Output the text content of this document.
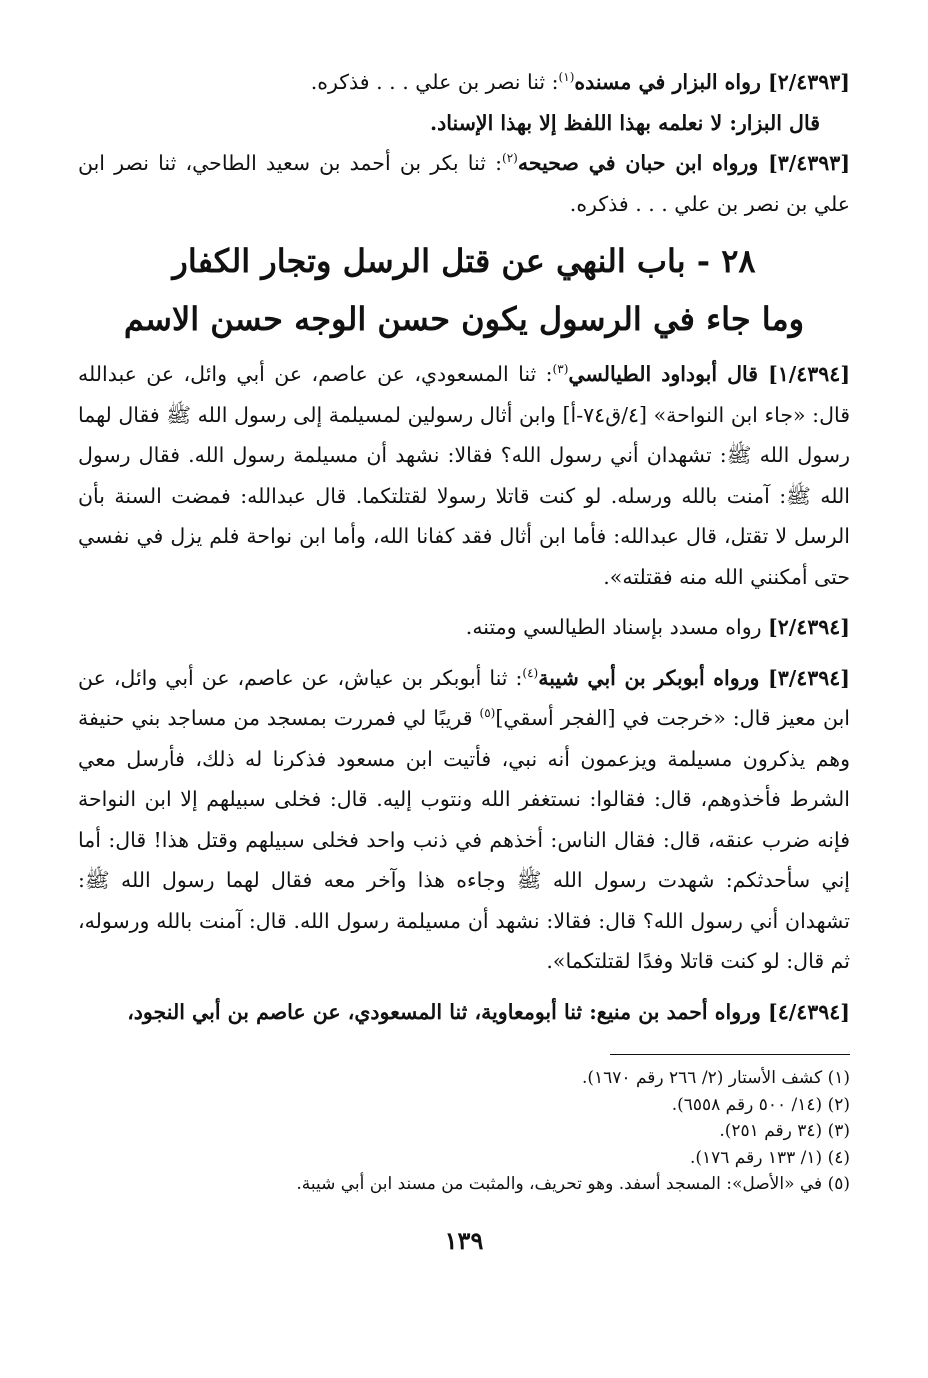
[٢/٤٣٩٣] رواه البزار في مسنده$^{(١)}$: ثنا نصر بن علي . . . فذكره.

قال البزار: لا نعلمه بهذا اللفظ إلا بهذا الإسناد.

[٣/٤٣٩٣] ورواه ابن حبان في صحيحه$^{(٢)}$: ثنا بكر بن أحمد بن سعيد الطاحي، ثنا نصر ابن علي بن نصر بن علي . . . فذكره.

٢٨ - باب النهي عن قتل الرسل وتجار الكفار
وما جاء في الرسول يكون حسن الوجه حسن الاسم

[١/٤٣٩٤] قال أبوداود الطيالسي$^{(٣)}$: ثنا المسعودي، عن عاصم، عن أبي وائل، عن عبدالله قال: «جاء ابن النواحة» [٤/ق٧٤-أ] وابن أثال رسولين لمسيلمة إلى رسول الله ﷺ فقال لهما رسول الله ﷺ: تشهدان أني رسول الله؟ فقالا: نشهد أن مسيلمة رسول الله. فقال رسول الله ﷺ: آمنت بالله ورسله. لو كنت قاتلا رسولا لقتلتكما. قال عبدالله: فمضت السنة بأن الرسل لا تقتل، قال عبدالله: فأما ابن أثال فقد كفانا الله، وأما ابن نواحة فلم يزل في نفسي حتى أمكنني الله منه فقتلته».

[٢/٤٣٩٤] رواه مسدد بإسناد الطيالسي ومتنه.

[٣/٤٣٩٤] ورواه أبوبكر بن أبي شيبة$^{(٤)}$: ثنا أبوبكر بن عياش، عن عاصم، عن أبي وائل، عن ابن معيز قال: «خرجت في [الفجر أسقي]$^{(٥)}$ قريبًا لي فمررت بمسجد من مساجد بني حنيفة وهم يذكرون مسيلمة ويزعمون أنه نبي، فأتيت ابن مسعود فذكرنا له ذلك، فأرسل معي الشرط فأخذوهم، قال: فقالوا: نستغفر الله ونتوب إليه. قال: فخلى سبيلهم إلا ابن النواحة فإنه ضرب عنقه، قال: فقال الناس: أخذهم في ذنب واحد فخلى سبيلهم وقتل هذا! قال: أما إني سأحدثكم: شهدت رسول الله ﷺ وجاءه هذا وآخر معه فقال لهما رسول الله ﷺ: تشهدان أني رسول الله؟ قال: فقالا: نشهد أن مسيلمة رسول الله. قال: آمنت بالله ورسوله، ثم قال: لو كنت قاتلا وفدًا لقتلتكما».

[٤/٤٣٩٤] ورواه أحمد بن منيع: ثنا أبومعاوية، ثنا المسعودي، عن عاصم بن أبي النجود،

(١) كشف الأستار (٢/ ٢٦٦ رقم ١٦٧٠).

(٢) (١٤/ ٥٠٠ رقم ٦٥٥٨).

(٣) (٣٤ رقم ٢٥١).

(٤) (١/ ١٣٣ رقم ١٧٦).

(٥) في «الأصل»: المسجد أسفد. وهو تحريف، والمثبت من مسند ابن أبي شيبة.

١٣٩
